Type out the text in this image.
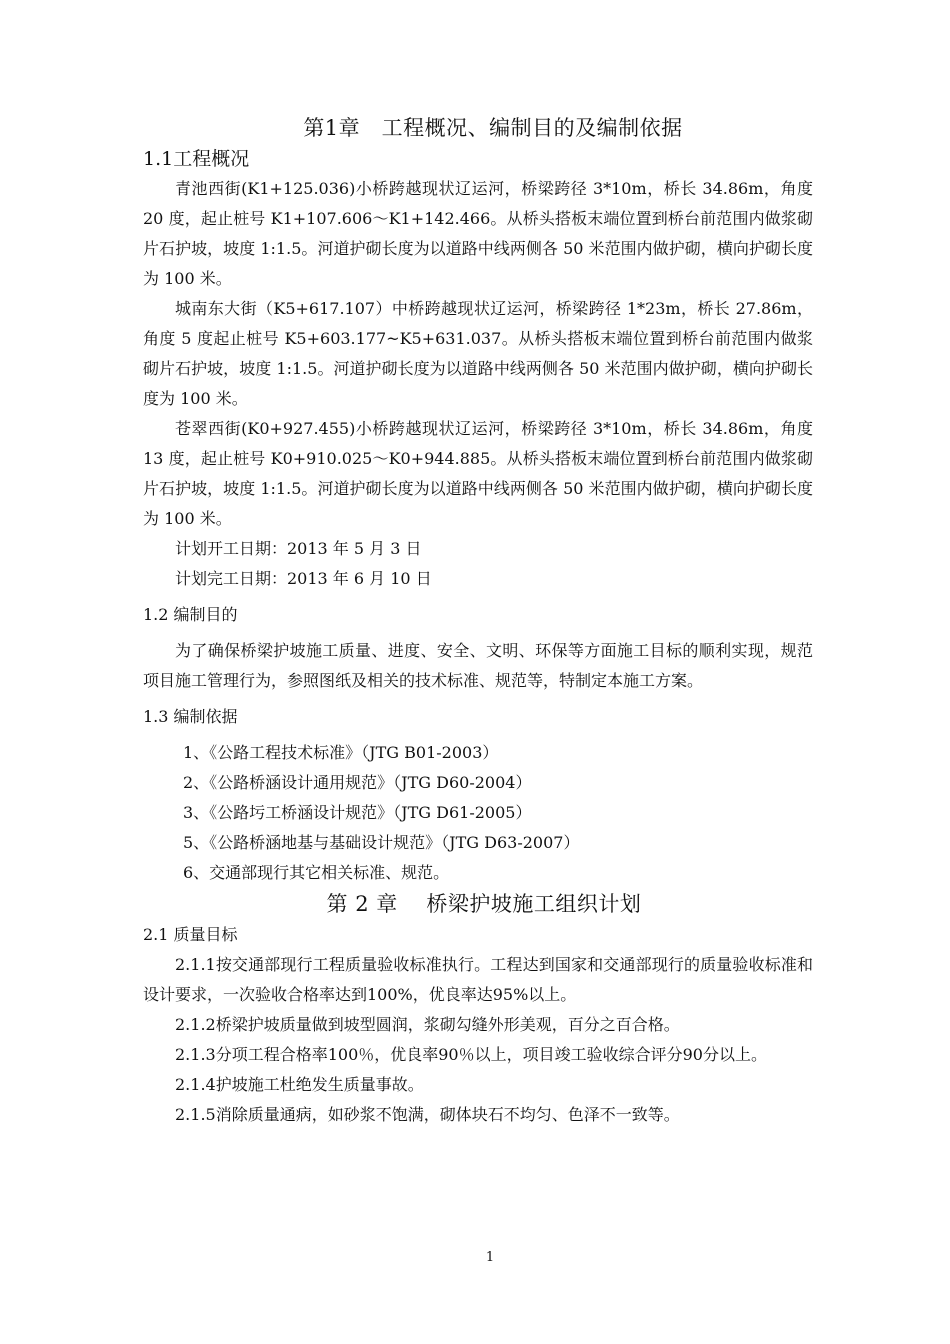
第1章　工程概况、编制目的及编制依据
1.1工程概况

青池西街(K1+125.036)小桥跨越现状辽运河，桥梁跨径 3*10m，桥长 34.86m，角度 20 度，起止桩号 K1+107.606～K1+142.466。从桥头搭板末端位置到桥台前范围内做浆砌片石护坡，坡度 1:1.5。河道护砌长度为以道路中线两侧各 50 米范围内做护砌，横向护砌长度为 100 米。

城南东大街（K5+617.107）中桥跨越现状辽运河，桥梁跨径 1*23m，桥长 27.86m，角度 5 度起止桩号 K5+603.177~K5+631.037。从桥头搭板末端位置到桥台前范围内做浆砌片石护坡，坡度 1:1.5。河道护砌长度为以道路中线两侧各 50 米范围内做护砌，横向护砌长度为 100 米。

苍翠西街(K0+927.455)小桥跨越现状辽运河，桥梁跨径 3*10m，桥长 34.86m，角度 13 度，起止桩号 K0+910.025～K0+944.885。从桥头搭板末端位置到桥台前范围内做浆砌片石护坡，坡度 1:1.5。河道护砌长度为以道路中线两侧各 50 米范围内做护砌，横向护砌长度为 100 米。

计划开工日期：2013 年 5 月 3 日

计划完工日期：2013 年 6 月 10 日

1.2 编制目的

为了确保桥梁护坡施工质量、进度、安全、文明、环保等方面施工目标的顺利实现，规范项目施工管理行为，参照图纸及相关的技术标准、规范等，特制定本施工方案。

1.3 编制依据

1、《公路工程技术标准》（JTG B01-2003）

2、《公路桥涵设计通用规范》（JTG D60-2004）

3、《公路圬工桥涵设计规范》（JTG D61-2005）

5、《公路桥涵地基与基础设计规范》（JTG D63-2007）

6、交通部现行其它相关标准、规范。

第 2 章　 桥梁护坡施工组织计划
2.1 质量目标

2.1.1按交通部现行工程质量验收标准执行。工程达到国家和交通部现行的质量验收标准和设计要求，一次验收合格率达到100%，优良率达95%以上。

2.1.2桥梁护坡质量做到坡型圆润，浆砌勾缝外形美观，百分之百合格。

2.1.3分项工程合格率100％，优良率90％以上，项目竣工验收综合评分90分以上。

2.1.4护坡施工杜绝发生质量事故。

2.1.5消除质量通病，如砂浆不饱满，砌体块石不均匀、色泽不一致等。

1
